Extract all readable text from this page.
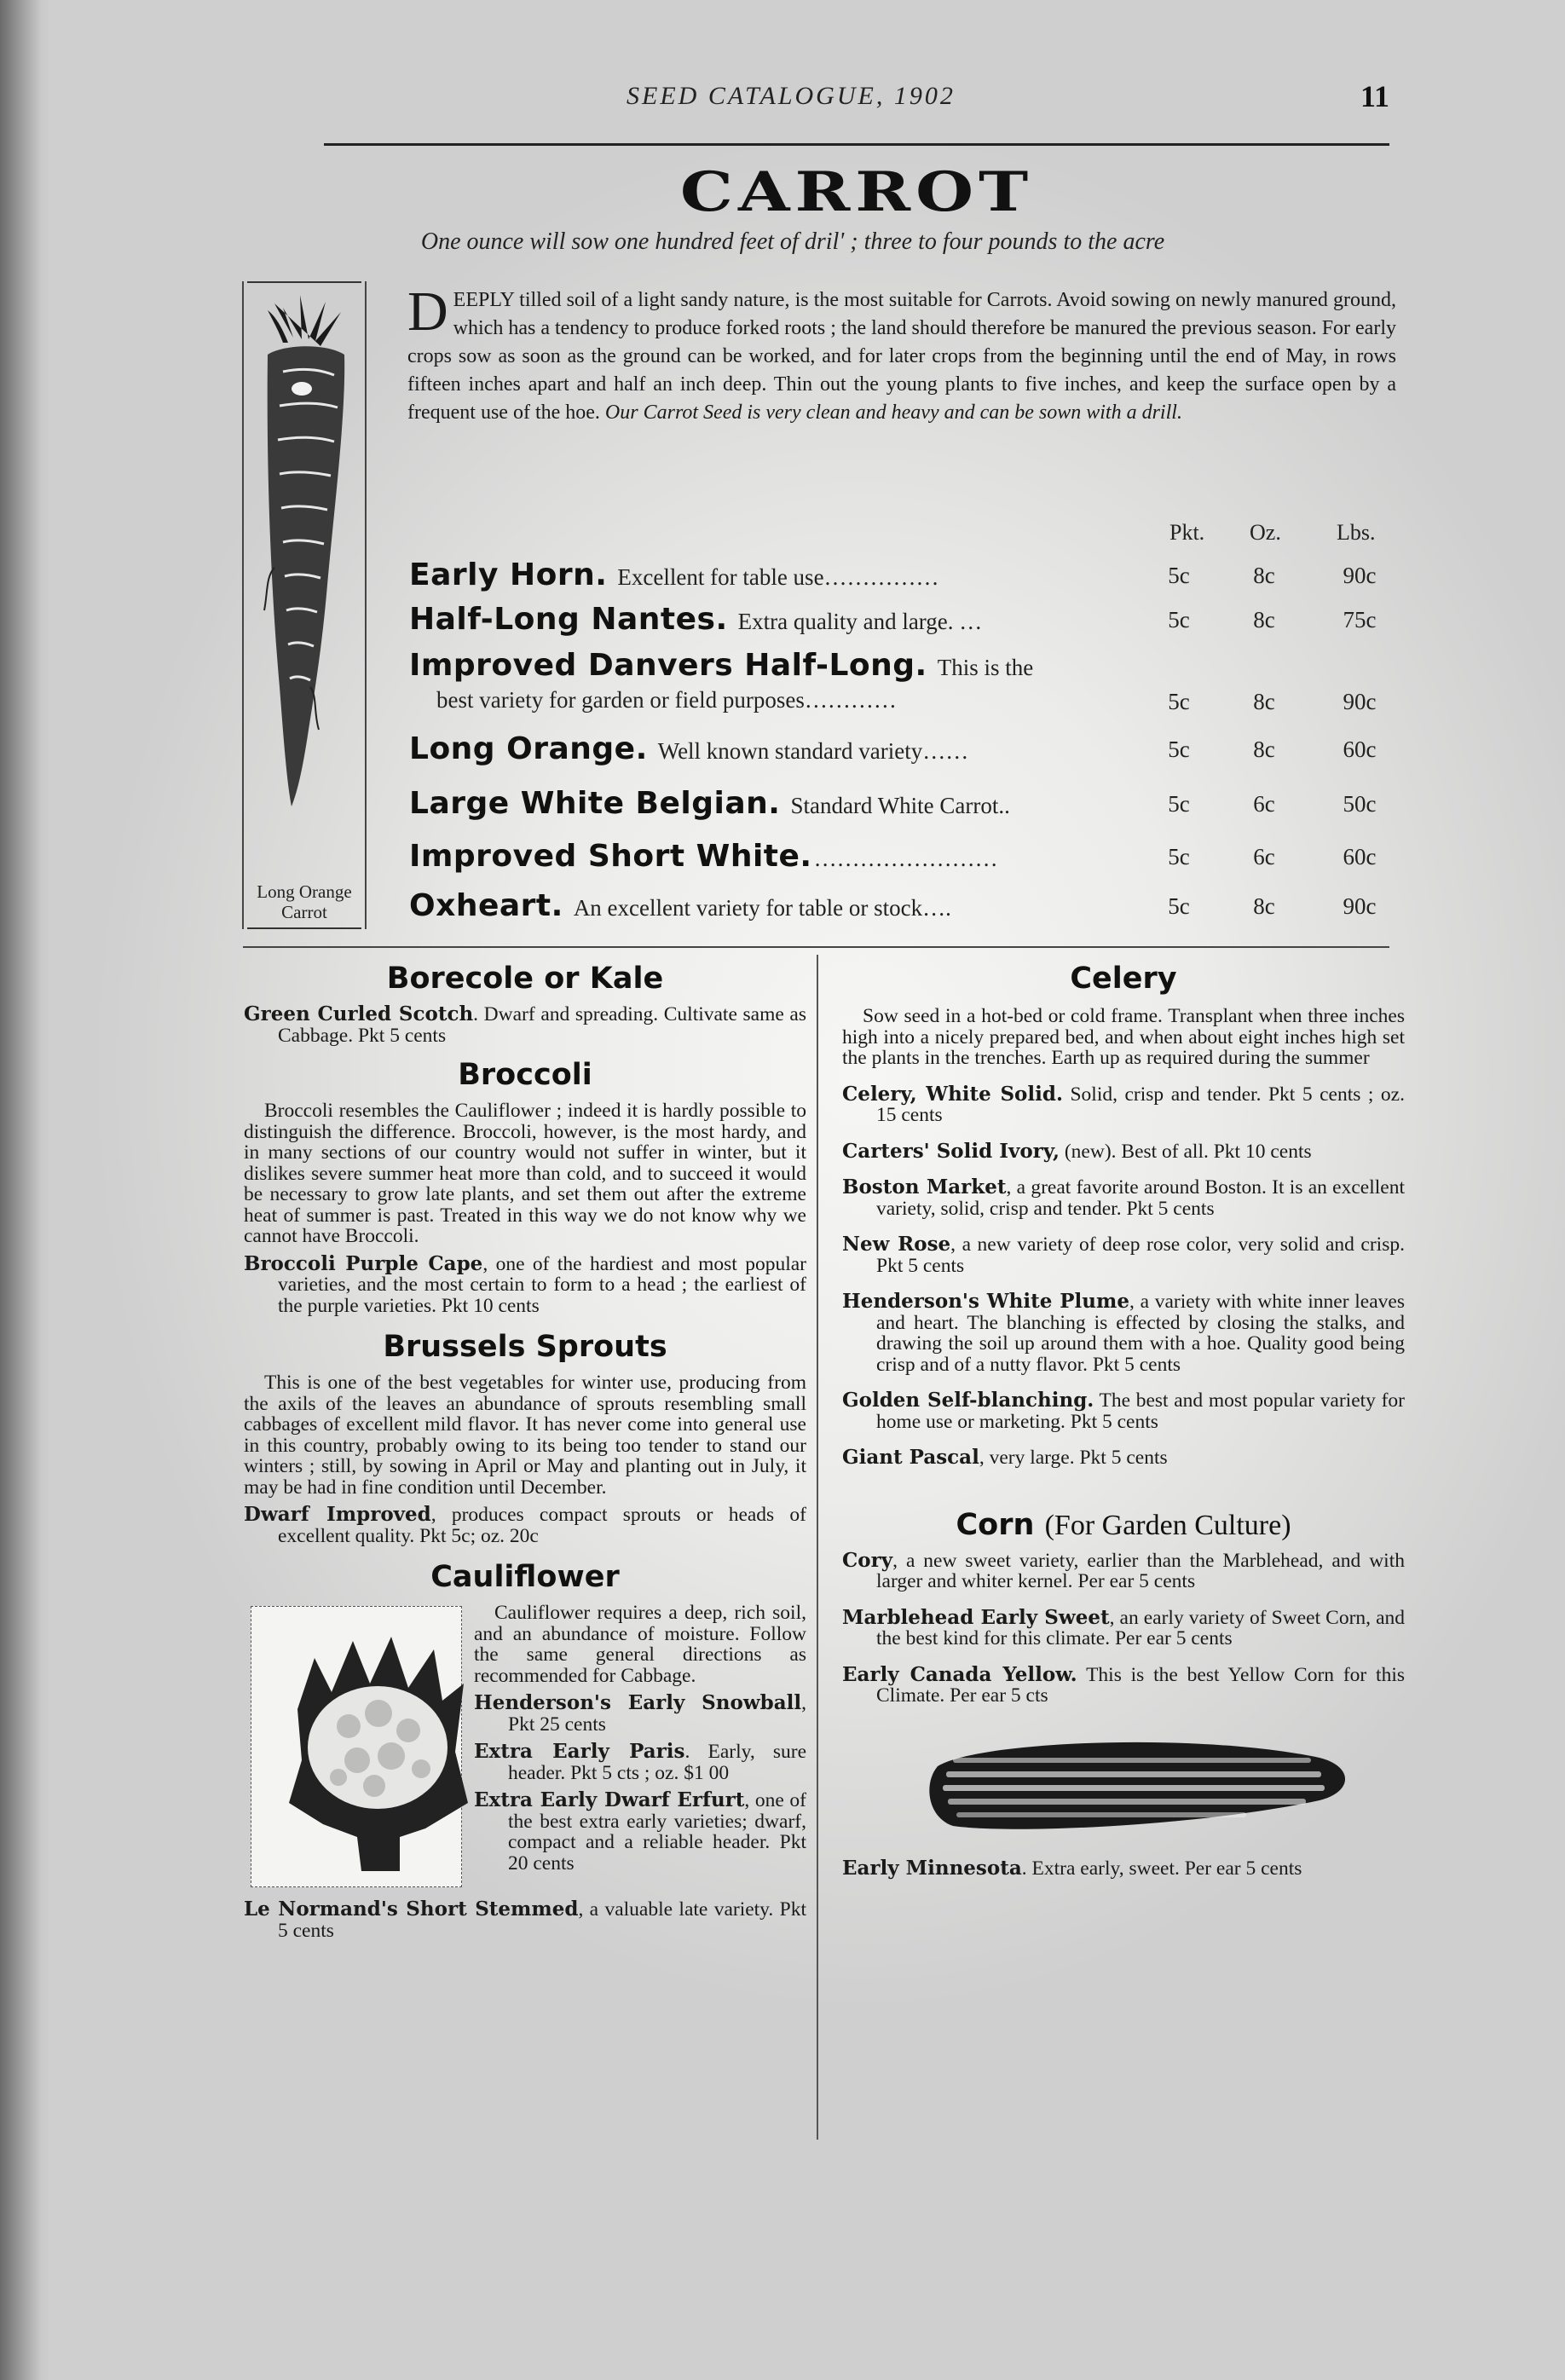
SEED CATALOGUE, 1902	11
CARROT
One ounce will sow one hundred feet of dril' ; three to four pounds to the acre
Long Orange
Carrot
DEEPLY tilled soil of a light sandy nature, is the most suitable for Carrots. Avoid sowing on newly manured ground, which has a tendency to produce forked roots ; the land should therefore be manured the previous season. For early crops sow as soon as the ground can be worked, and for later crops from the beginning until the end of May, in rows fifteen inches apart and half an inch deep. Thin out the young plants to five inches, and keep the surface open by a frequent use of the hoe. Our Carrot Seed is very clean and heavy and can be sown with a drill.
Pkt. Oz.	Lbs.
Early Horn. Excellent for table use……………	5c	8c	90c
Half-Long Nantes. Extra quality and large. …	5c	8c	75c
Improved Danvers Half-Long. This is the
best variety for garden or field purposes…………	5c	8c	90c
Long Orange. Well known standard variety……	5c	8c	60c
Large White Belgian. Standard White Carrot..	5c	6c	50c
Improved Short White.……………………	5c	6c	60c
Oxheart. An excellent variety for table or stock….	5c	8c	90c
Borecole or Kale
Green Curled Scotch. Dwarf and spreading. Cultivate same as Cabbage. Pkt 5 cents
Broccoli
Broccoli resembles the Cauliflower ; indeed it is hardly possible to distinguish the difference. Broccoli, however, is the most hardy, and in many sections of our country would not suffer in winter, but it dislikes severe summer heat more than cold, and to succeed it would be necessary to grow late plants, and set them out after the extreme heat of summer is past. Treated in this way we do not know why we cannot have Broccoli.
Broccoli Purple Cape, one of the hardiest and most popular varieties, and the most certain to form to a head ; the earliest of the purple varieties. Pkt 10 cents
Brussels Sprouts
This is one of the best vegetables for winter use, producing from the axils of the leaves an abundance of sprouts resembling small cabbages of excellent mild flavor. It has never come into general use in this country, probably owing to its being too tender to stand our winters ; still, by sowing in April or May and planting out in July, it may be had in fine condition until December.
Dwarf Improved, produces compact sprouts or heads of excellent quality. Pkt 5c; oz. 20c
Cauliflower
Cauliflower requires a deep, rich soil, and an abundance of moisture. Follow the same general directions as recommended for Cabbage.
Henderson's Early Snowball, Pkt 25 cents
Extra Early Paris. Early, sure header. Pkt 5 cts ; oz. $1 00
Extra Early Dwarf Erfurt, one of the best extra early varieties; dwarf, compact and a reliable header. Pkt 20 cents
Le Normand's Short Stemmed, a valuable late variety. Pkt 5 cents
Celery
Sow seed in a hot-bed or cold frame. Transplant when three inches high into a nicely prepared bed, and when about eight inches high set the plants in the trenches. Earth up as required during the summer
Celery, White Solid. Solid, crisp and tender. Pkt 5 cents ; oz. 15 cents
Carters' Solid Ivory, (new). Best of all. Pkt 10 cents
Boston Market, a great favorite around Boston. It is an excellent variety, solid, crisp and tender. Pkt 5 cents
New Rose, a new variety of deep rose color, very solid and crisp. Pkt 5 cents
Henderson's White Plume, a variety with white inner leaves and heart. The blanching is effected by closing the stalks, and drawing the soil up around them with a hoe. Quality good being crisp and of a nutty flavor. Pkt 5 cents
Golden Self-blanching. The best and most popular variety for home use or marketing. Pkt 5 cents
Giant Pascal, very large. Pkt 5 cents
Corn (For Garden Culture)
Cory, a new sweet variety, earlier than the Marblehead, and with larger and whiter kernel. Per ear 5 cents
Marblehead Early Sweet, an early variety of Sweet Corn, and the best kind for this climate. Per ear 5 cents
Early Canada Yellow. This is the best Yellow Corn for this Climate. Per ear 5 cts
Early Minnesota. Extra early, sweet. Per ear 5 cents
